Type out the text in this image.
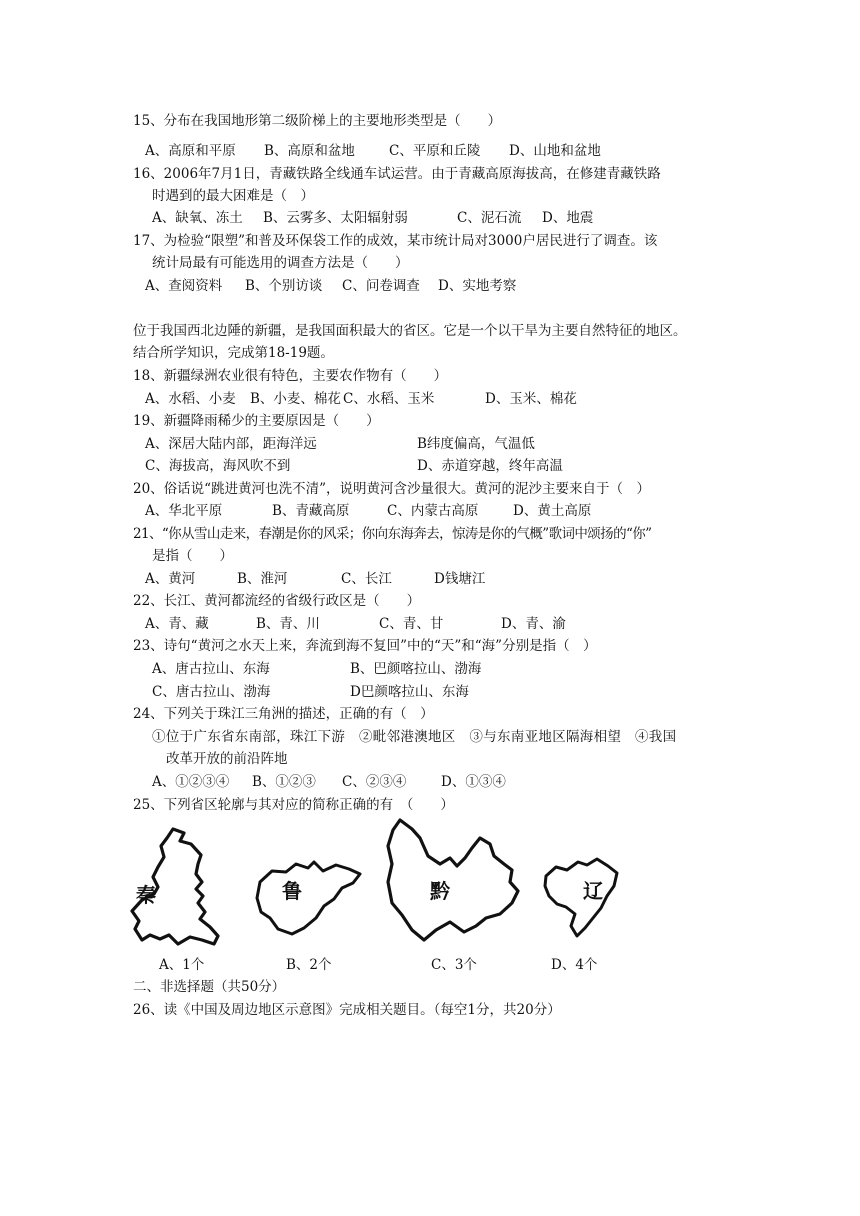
15、分布在我国地形第二级阶梯上的主要地形类型是（　　）
A、高原和平原 B、高原和盆地	C、平原和丘陵 D、山地和盆地
16、2006年7月1日，青藏铁路全线通车试运营。由于青藏高原海拔高，在修建青藏铁路
时遇到的最大困难是（　）
A、缺氧、冻土 B、云雾多、太阳辐射弱	C、泥石流 D、地震
17、为检验“限塑”和普及环保袋工作的成效，某市统计局对3000户居民进行了调查。该
统计局最有可能选用的调查方法是（　　）
A、查阅资料 B、个别访谈 C、问卷调查 D、实地考察
位于我国西北边陲的新疆，是我国面积最大的省区。它是一个以干旱为主要自然特征的地区。
结合所学知识，完成第18-19题。
18、新疆绿洲农业很有特色，主要农作物有（　　）
A、水稻、小麦 B、小麦、棉花 C、水稻、玉米	D、玉米、棉花
19、新疆降雨稀少的主要原因是（　　）
A、深居大陆内部，距海洋远	B纬度偏高，气温低
C、海拔高，海风吹不到	D、赤道穿越，终年高温
20、俗话说“跳进黄河也洗不清”，说明黄河含沙量很大。黄河的泥沙主要来自于（　）
A、华北平原	B、青藏高原	C、内蒙古高原	D、黄土高原
21、“你从雪山走来，春潮是你的风采；你向东海奔去，惊涛是你的气概”歌词中颂扬的“你”
是指（　　）
A、黄河	B、淮河	C、长江	D钱塘江
22、长江、黄河都流经的省级行政区是（　　）
A、青、藏	B、青、川	C、青、甘	D、青、渝
23、诗句“黄河之水天上来，奔流到海不复回”中的“天”和“海”分别是指（　）
A、唐古拉山、东海	B、巴颜喀拉山、渤海
C、唐古拉山、渤海	D巴颜喀拉山、东海
24、下列关于珠江三角洲的描述，正确的有（　）
①位于广东省东南部，珠江下游　②毗邻港澳地区　③与东南亚地区隔海相望　④我国
改革开放的前沿阵地
A、①②③④ B、①②③ C、②③④	D、①③④
25、下列省区轮廓与其对应的简称正确的有　（　　）
秦	鲁	黔	辽
A、1个	B、2个	C、3个	D、4个
二、非选择题（共50分）
26、读《中国及周边地区示意图》完成相关题目。（每空1分，共20分）
